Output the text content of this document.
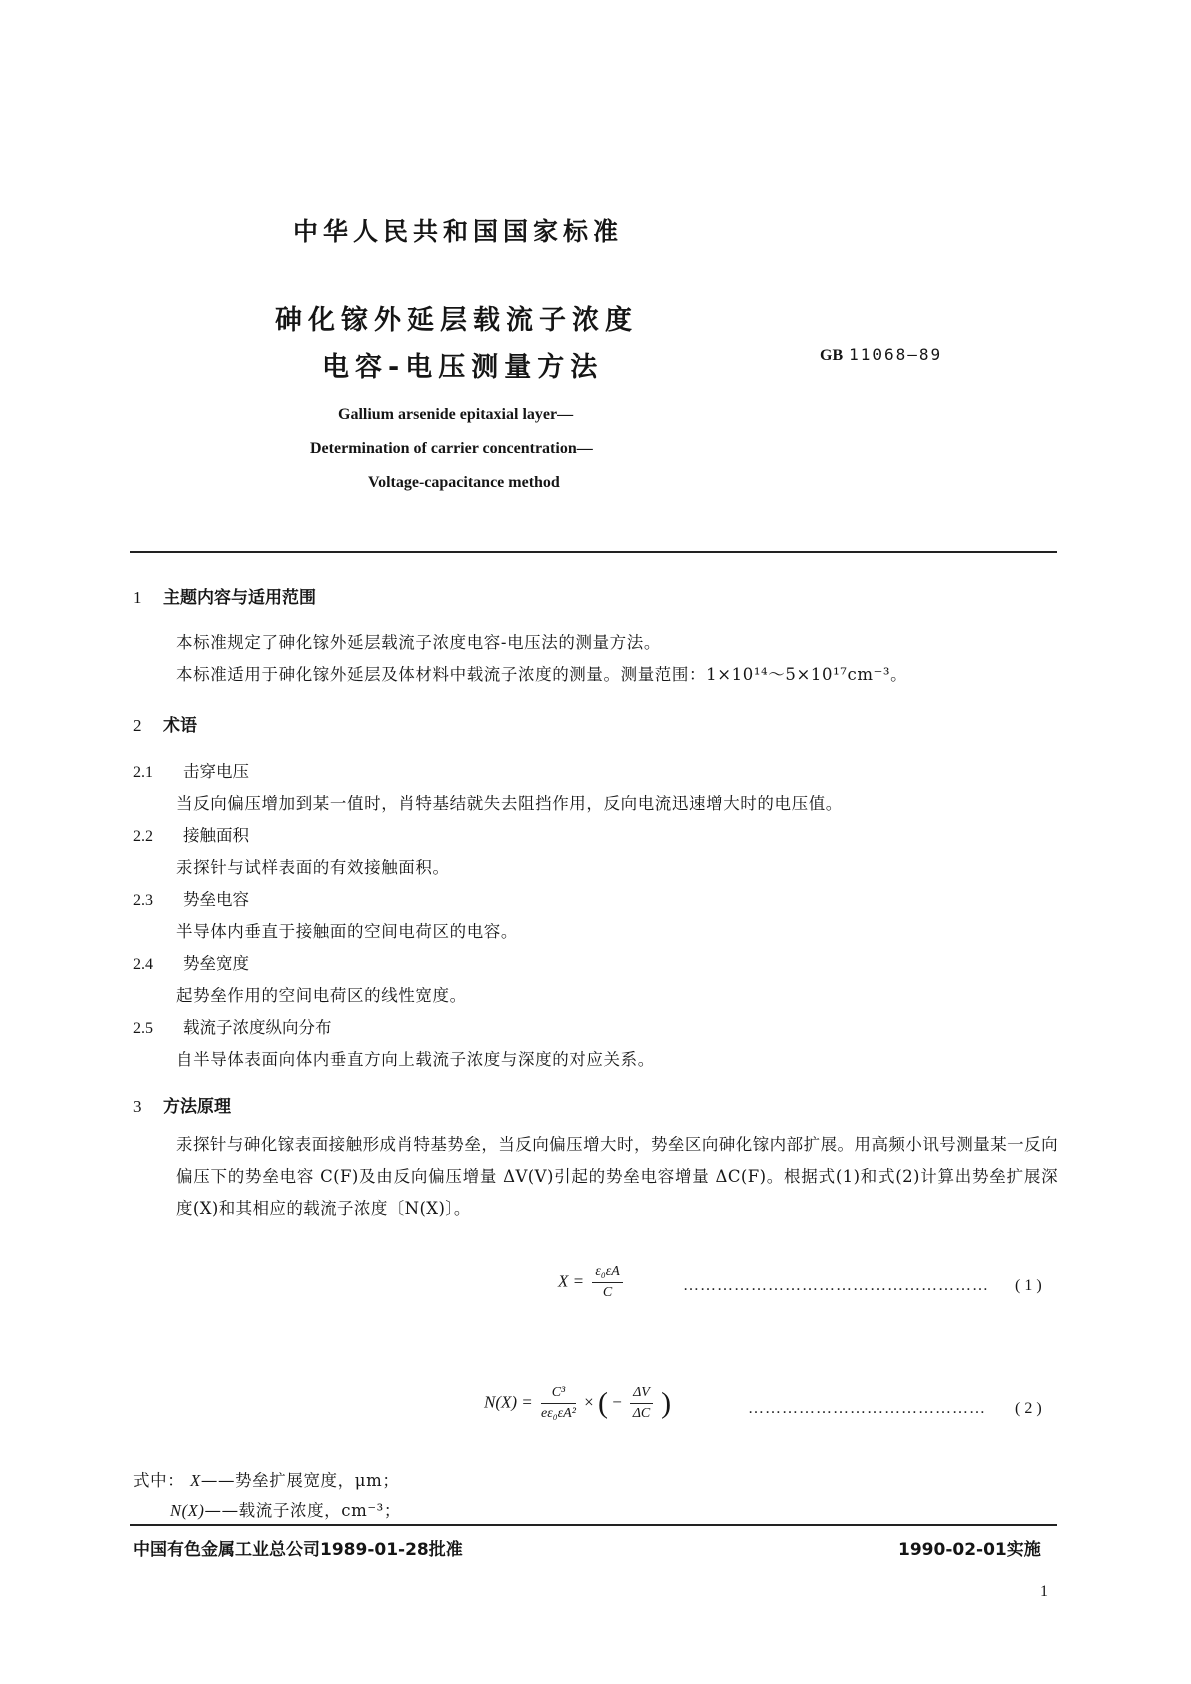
中华人民共和国国家标准
砷化镓外延层载流子浓度
电容-电压测量方法	GB 11068—89
Gallium arsenide epitaxial layer—
Determination of carrier concentration—
Voltage-capacitance method
1 主题内容与适用范围
本标准规定了砷化镓外延层载流子浓度电容-电压法的测量方法。
本标准适用于砷化镓外延层及体材料中载流子浓度的测量。测量范围：1×10¹⁴～5×10¹⁷cm⁻³。
2 术语
2.1 击穿电压
当反向偏压增加到某一值时，肖特基结就失去阻挡作用，反向电流迅速增大时的电压值。
2.2 接触面积
汞探针与试样表面的有效接触面积。
2.3 势垒电容
半导体内垂直于接触面的空间电荷区的电容。
2.4 势垒宽度
起势垒作用的空间电荷区的线性宽度。
2.5 载流子浓度纵向分布
自半导体表面向体内垂直方向上载流子浓度与深度的对应关系。
3 方法原理
汞探针与砷化镓表面接触形成肖特基势垒，当反向偏压增大时，势垒区向砷化镓内部扩展。用高频小讯号测量某一反向偏压下的势垒电容 C(F)及由反向偏压增量 ΔV(V)引起的势垒电容增量 ΔC(F)。根据式(1)和式(2)计算出势垒扩展深度(X)和其相应的载流子浓度〔N(X)〕。
$X = \frac{\text{ε₀εA}}{C}$	……………………………………………… ( 1 )
$N(X) = \frac{\text{C³}}{\text{eε₀εA²}}$ × ( − $\frac{\Delta V}{\Delta C}$ )	…………………………………… ( 2 )
式中： X——势垒扩展宽度，μm；
N(X)——载流子浓度，cm⁻³；
中国有色金属工业总公司1989-01-28批准	1990-02-01实施
1
